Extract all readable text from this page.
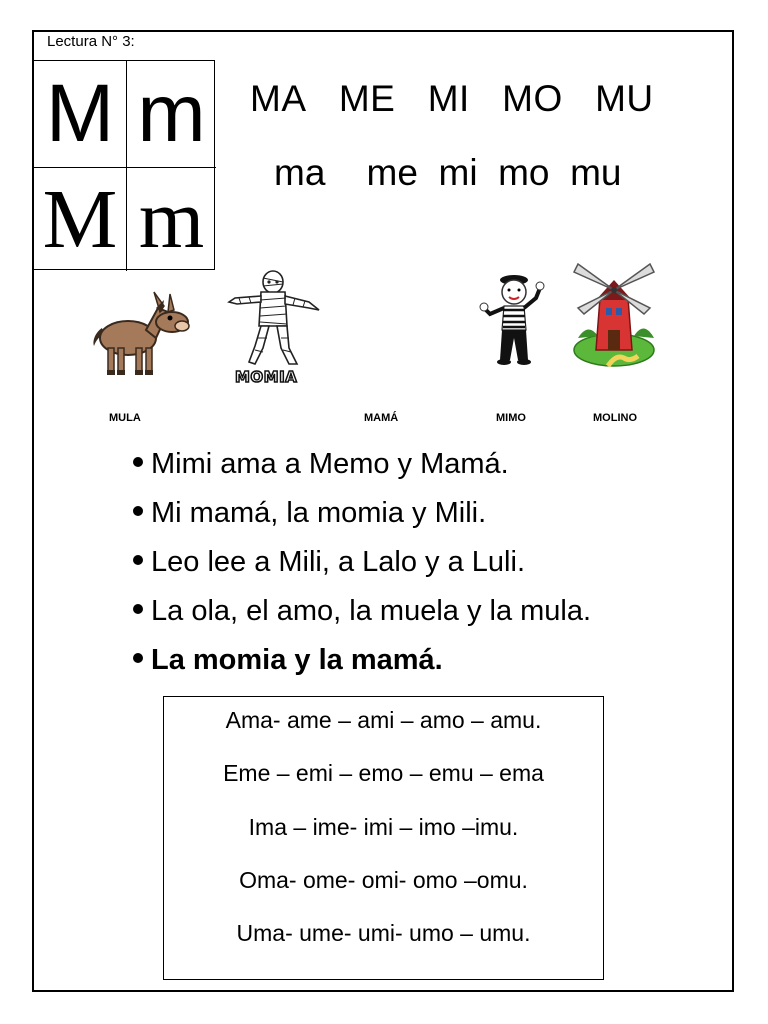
Lectura N° 3:
M m
M m
MA ME MI MO MU
ma me mi mo mu
MOMIA
MULA	MAMÁ	MIMO	MOLINO
Mimi ama a Memo y Mamá.
Mi mamá, la momia y Mili.
Leo lee a Mili, a Lalo y a Luli.
La ola, el amo, la muela y la mula.
La momia y la mamá.
Ama- ame – ami – amo – amu.
Eme – emi – emo – emu – ema
Ima – ime- imi – imo –imu.
Oma- ome- omi- omo –omu.
Uma- ume- umi- umo – umu.
